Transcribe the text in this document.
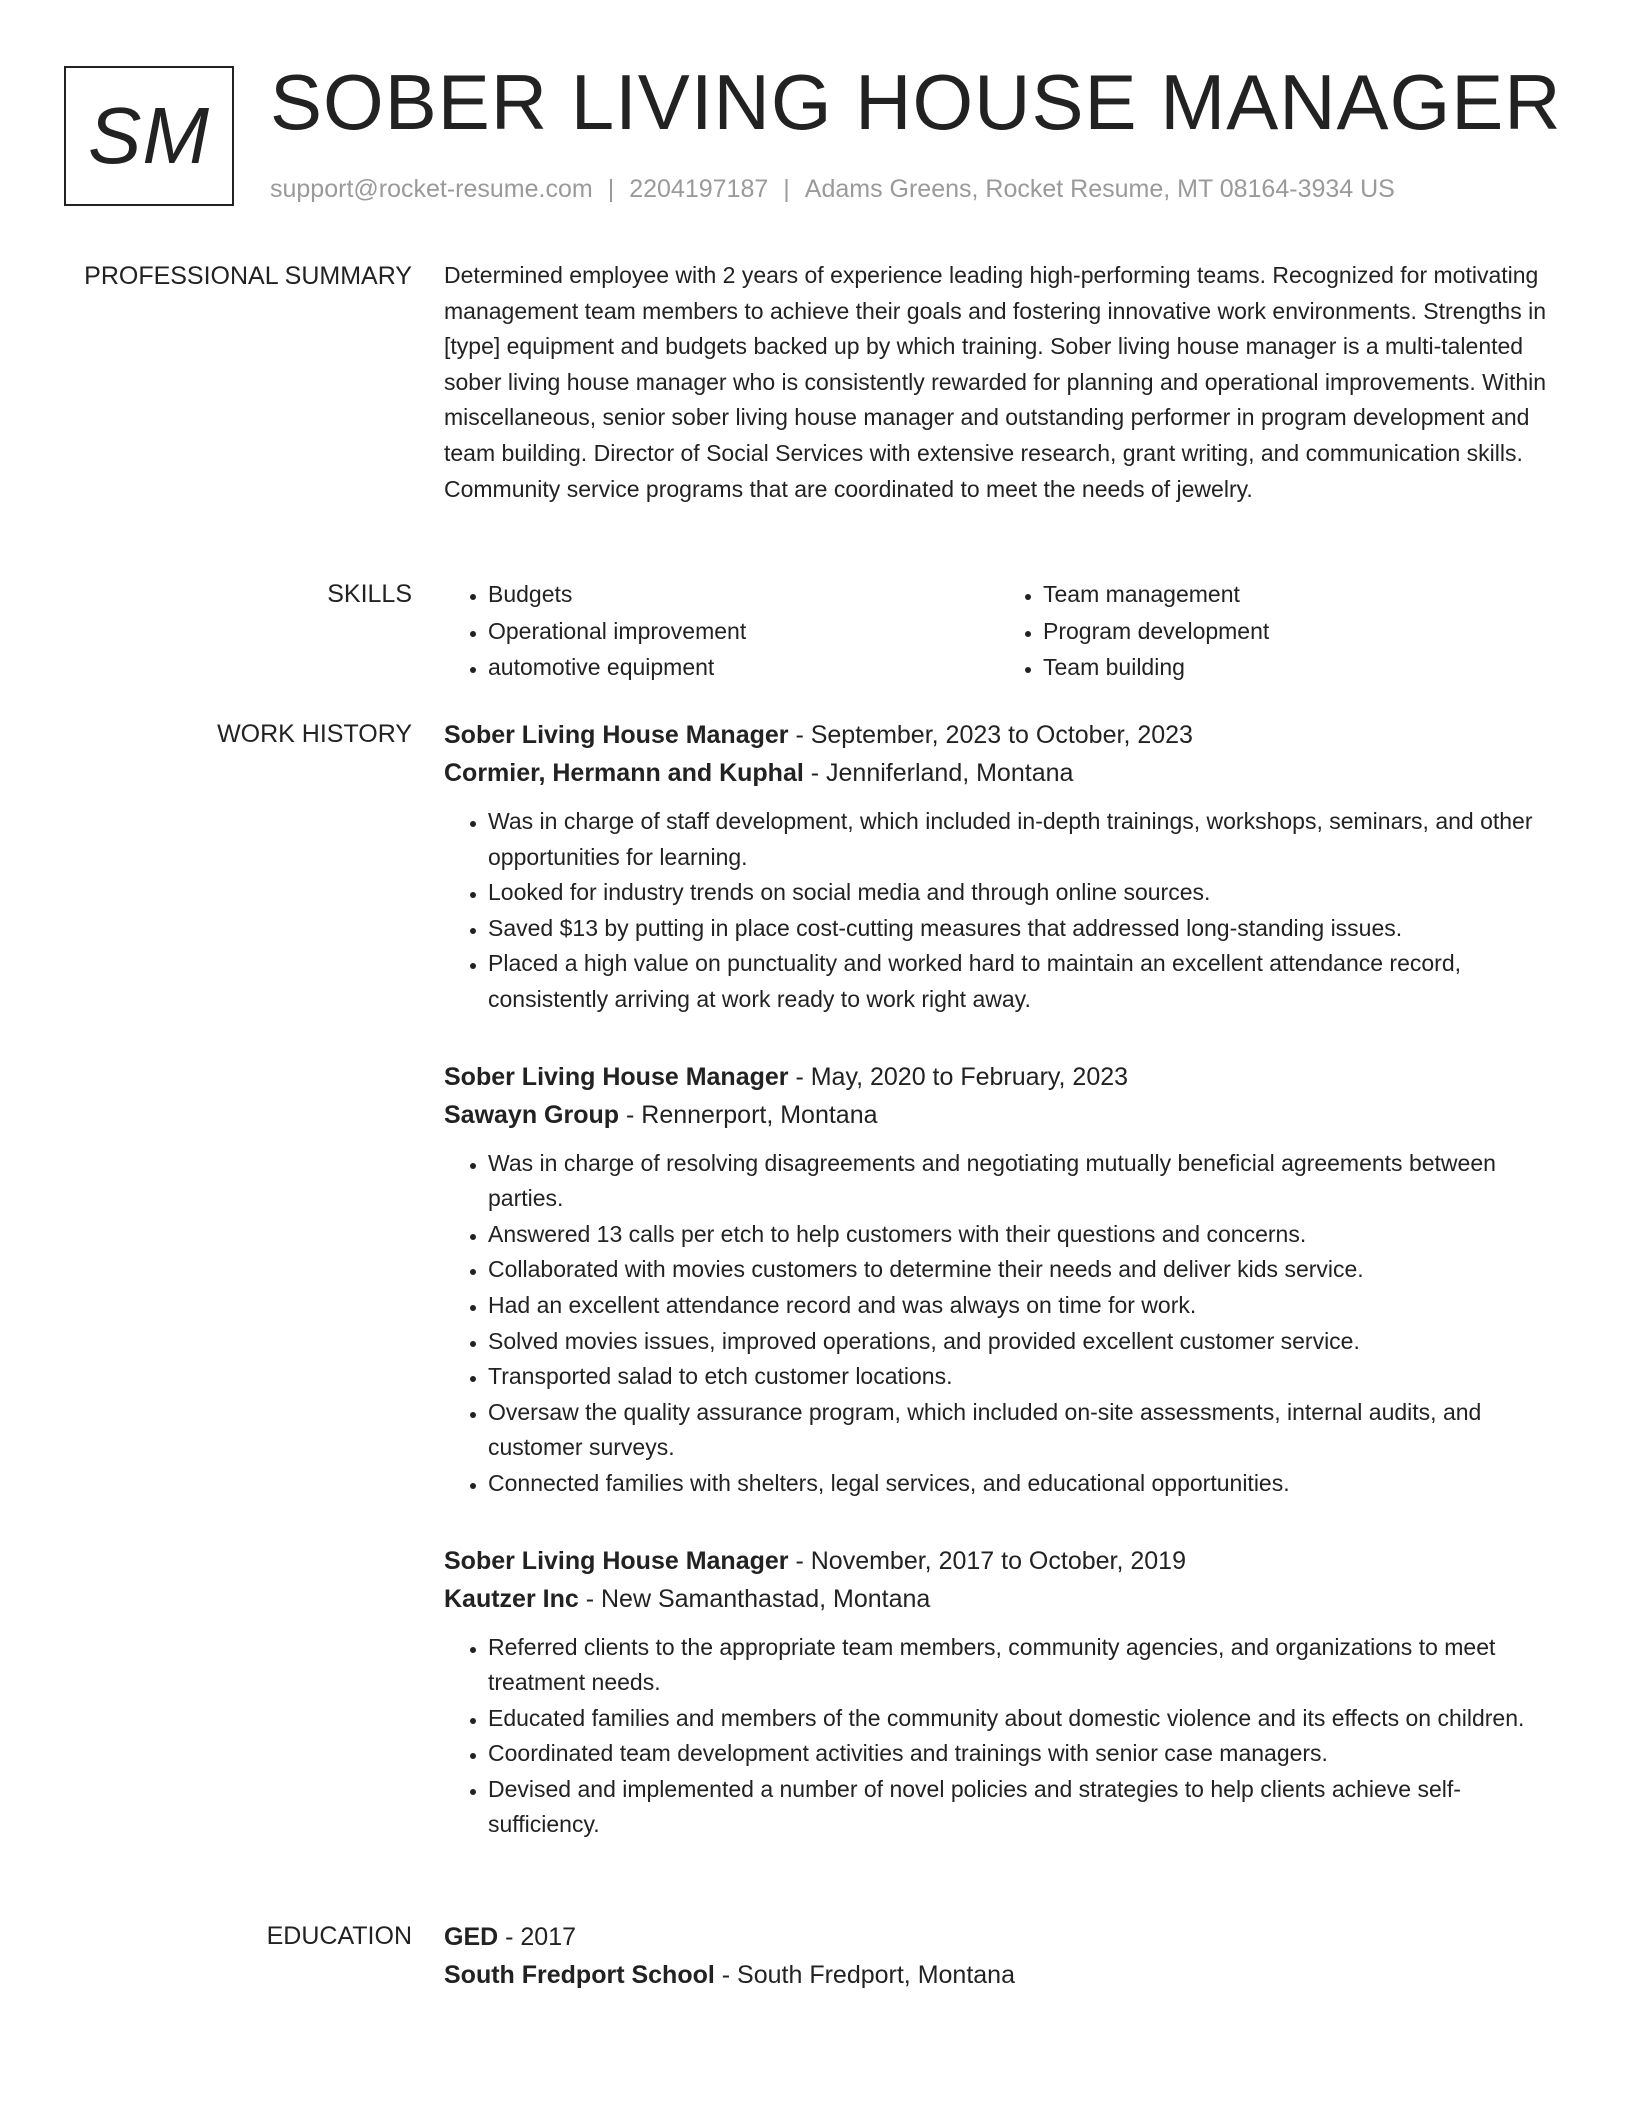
SM SOBER LIVING HOUSE MANAGER
support@rocket-resume.com | 2204197187 | Adams Greens, Rocket Resume, MT 08164-3934 US
PROFESSIONAL SUMMARY Determined employee with 2 years of experience leading high-performing teams. Recognized for motivating management team members to achieve their goals and fostering innovative work environments. Strengths in [type] equipment and budgets backed up by which training. Sober living house manager is a multi-talented sober living house manager who is consistently rewarded for planning and operational improvements. Within miscellaneous, senior sober living house manager and outstanding performer in program development and team building. Director of Social Services with extensive research, grant writing, and communication skills. Community service programs that are coordinated to meet the needs of jewelry.

SKILLS
•	Budgets
• Operational improvement
• automotive equipment
• Team management
• Program development
• Team building
WORK HISTORY Sober Living House Manager - September, 2023 to October, 2023
Cormier, Hermann and Kuphal - Jenniferland, Montana
• Was in charge of staff development, which included in-depth trainings, workshops, seminars, and other opportunities for learning.
• Looked for industry trends on social media and through online sources.
• Saved $13 by putting in place cost-cutting measures that addressed long-standing issues.
• Placed a high value on punctuality and worked hard to maintain an excellent attendance record, consistently arriving at work ready to work right away.
Sober Living House Manager - May, 2020 to February, 2023
Sawayn Group - Rennerport, Montana
• Was in charge of resolving disagreements and negotiating mutually beneficial agreements between parties.
• Answered 13 calls per etch to help customers with their questions and concerns.
• Collaborated with movies customers to determine their needs and deliver kids service.
• Had an excellent attendance record and was always on time for work.
• Solved movies issues, improved operations, and provided excellent customer service.
• Transported salad to etch customer locations.
• Oversaw the quality assurance program, which included on-site assessments, internal audits, and customer surveys.
• Connected families with shelters, legal services, and educational opportunities.
Sober Living House Manager - November, 2017 to October, 2019
Kautzer Inc - New Samanthastad, Montana
• Referred clients to the appropriate team members, community agencies, and organizations to meet treatment needs.
• Educated families and members of the community about domestic violence and its effects on children.
• Coordinated team development activities and trainings with senior case managers.
• Devised and implemented a number of novel policies and strategies to help clients achieve self-sufficiency.
EDUCATION GED - 2017
South Fredport School - South Fredport, Montana
